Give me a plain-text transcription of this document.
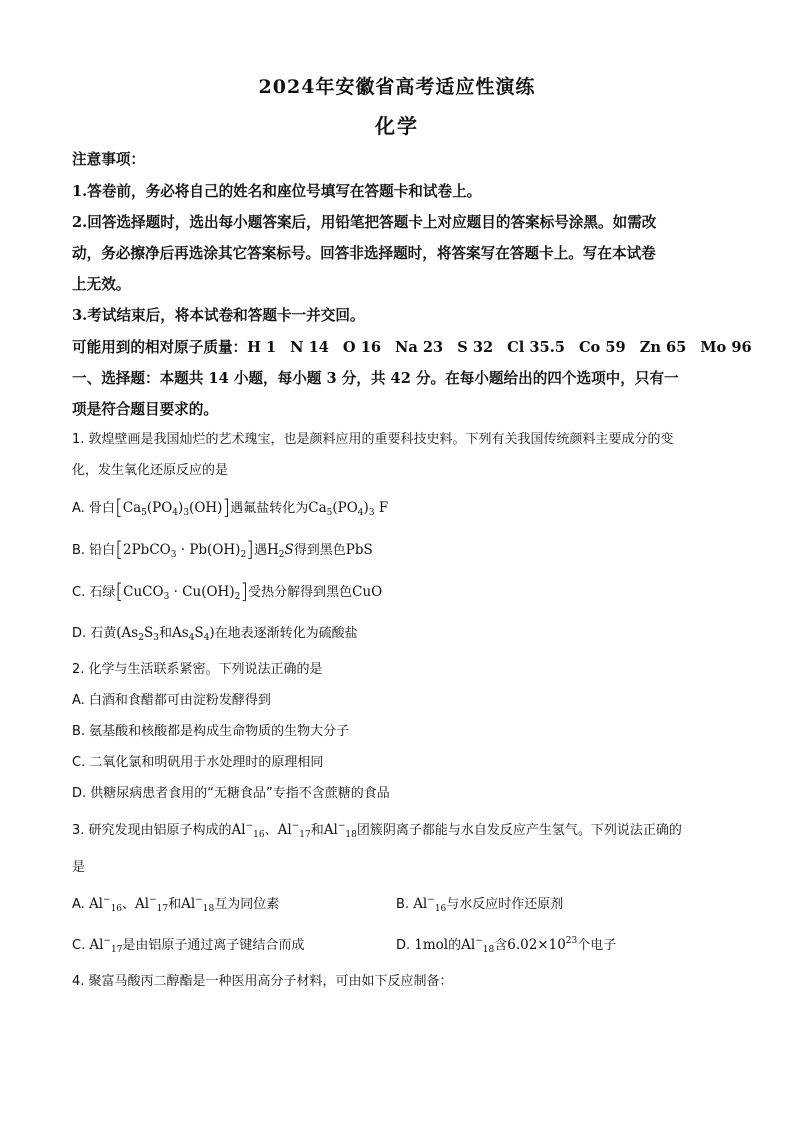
2024年安徽省高考适应性演练
化学
注意事项：
1.答卷前，务必将自己的姓名和座位号填写在答题卡和试卷上。
2.回答选择题时，选出每小题答案后，用铅笔把答题卡上对应题目的答案标号涂黑。如需改
动，务必擦净后再选涂其它答案标号。回答非选择题时，将答案写在答题卡上。写在本试卷
上无效。
3.考试结束后，将本试卷和答题卡一并交回。
可能用到的相对原子质量：H 1 N 14 O 16 Na 23 S 32 Cl 35.5 Co 59 Zn 65 Mo 96
一、选择题：本题共 14 小题，每小题 3 分，共 42 分。在每小题给出的四个选项中，只有一
项是符合题目要求的。
1. 敦煌壁画是我国灿烂的艺术瑰宝，也是颜料应用的重要科技史料。下列有关我国传统颜料主要成分的变
化，发生氧化还原反应的是
A. 骨白$[Ca_5(PO_4)_3(OH)]$遇氟盐转化为$Ca_5(PO_4)_3$ F
B. 铅白[2PbCO$_3$ · $Pb(OH)_2$]遇$H_2S$得到黑色PbS
C. 石绿[CuCO$_3$ · $Cu(OH)_2$]受热分解得到黑色CuO
D. 石黄($As_2S_3$和$As_4S_4$)在地表逐渐转化为硫酸盐
2. 化学与生活联系紧密。下列说法正确的是
A. 白酒和食醋都可由淀粉发酵得到
B. 氨基酸和核酸都是构成生命物质的生物大分子
C. 二氧化氯和明矾用于水处理时的原理相同
D. 供糖尿病患者食用的“无糖食品”专指不含蔗糖的食品
3. 研究发现由铝原子构成的$Al^-_{16}$、$Al^-_{17}$和$Al^-_{18}$团簇阴离子都能与水自发反应产生氢气。下列说法正确的
是
A. $Al^-_{16}$、$Al^-_{17}$和$Al^-_{18}$互为同位素	B. $Al^-_{16}$与水反应时作还原剂
C. $Al^-_{17}$是由铝原子通过离子键结合而成	D. 1mol的$Al^-_{18}$含$6.02\times 10^{23}$个电子
4. 聚富马酸丙二醇酯是一种医用高分子材料，可由如下反应制备：
